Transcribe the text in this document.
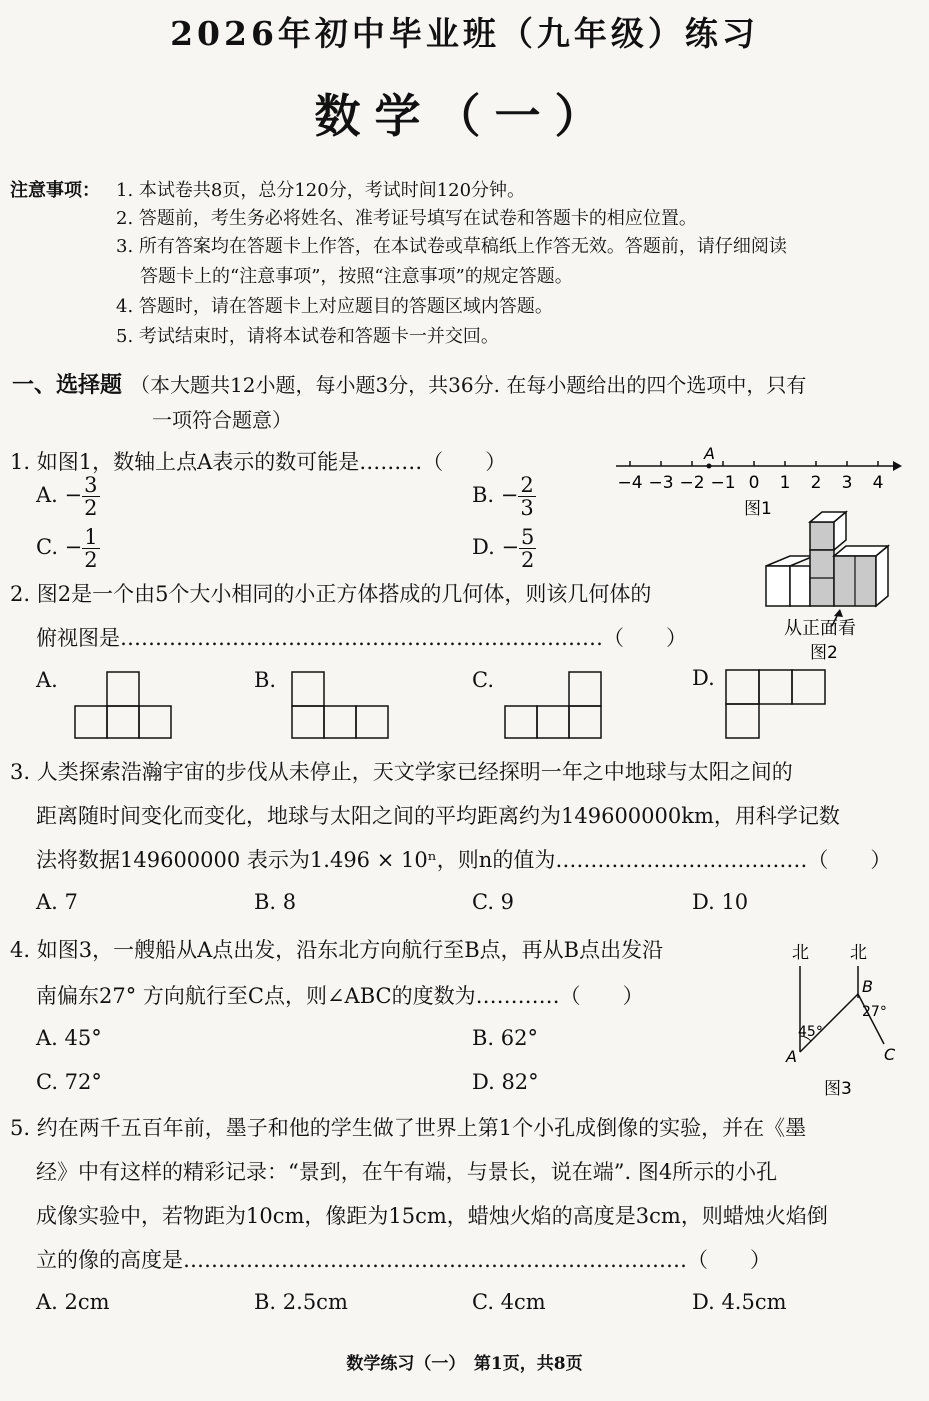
2026年初中毕业班（九年级）练习
数学（一）
注意事项： 1. 本试卷共8页，总分120分，考试时间120分钟。
2. 答题前，考生务必将姓名、准考证号填写在试卷和答题卡的相应位置。
3. 所有答案均在答题卡上作答，在本试卷或草稿纸上作答无效。答题前，请仔细阅读
答题卡上的“注意事项”，按照“注意事项”的规定答题。
4. 答题时，请在答题卡上对应题目的答题区域内答题。
5. 考试结束时，请将本试卷和答题卡一并交回。
一、选择题 （本大题共12小题，每小题3分，共36分. 在每小题给出的四个选项中，只有
一项符合题意）
1. 如图1，数轴上点A表示的数可能是………（　　）
A. − $\frac{3}{2}$	B. − $\frac{2}{3}$
C. − $\frac{1}{2}$	D. − $\frac{5}{2}$
−4 −3 −2 −1 0 1 2 3 4
A
图1
2. 图2是一个由5个大小相同的小正方体搭成的几何体，则该几何体的
俯视图是……………………………………………………………（　　）	从正面看
图2
A.	B.	C.	D.
3. 人类探索浩瀚宇宙的步伐从未停止，天文学家已经探明一年之中地球与太阳之间的
距离随时间变化而变化，地球与太阳之间的平均距离约为149600000km，用科学记数
法将数据149600000 表示为1.496 × 10ⁿ，则n的值为………………………………（　　）
A. 7	B. 8	C. 9	D. 10
4. 如图3，一艘船从A点出发，沿东北方向航行至B点，再从B点出发沿
南偏东27° 方向航行至C点，则∠ABC的度数为…………（　　）
A. 45°	B. 62°
C. 72°	D. 82°
北 北
A
B
C
45°
27°
图3
5. 约在两千五百年前，墨子和他的学生做了世界上第1个小孔成倒像的实验，并在《墨
经》中有这样的精彩记录：“景到，在午有端，与景长，说在端”. 图4所示的小孔
成像实验中，若物距为10cm，像距为15cm，蜡烛火焰的高度是3cm，则蜡烛火焰倒
立的像的高度是………………………………………………………………（　　）
A. 2cm	B. 2.5cm	C. 4cm	D. 4.5cm
数学练习（一）　第1页，共8页
